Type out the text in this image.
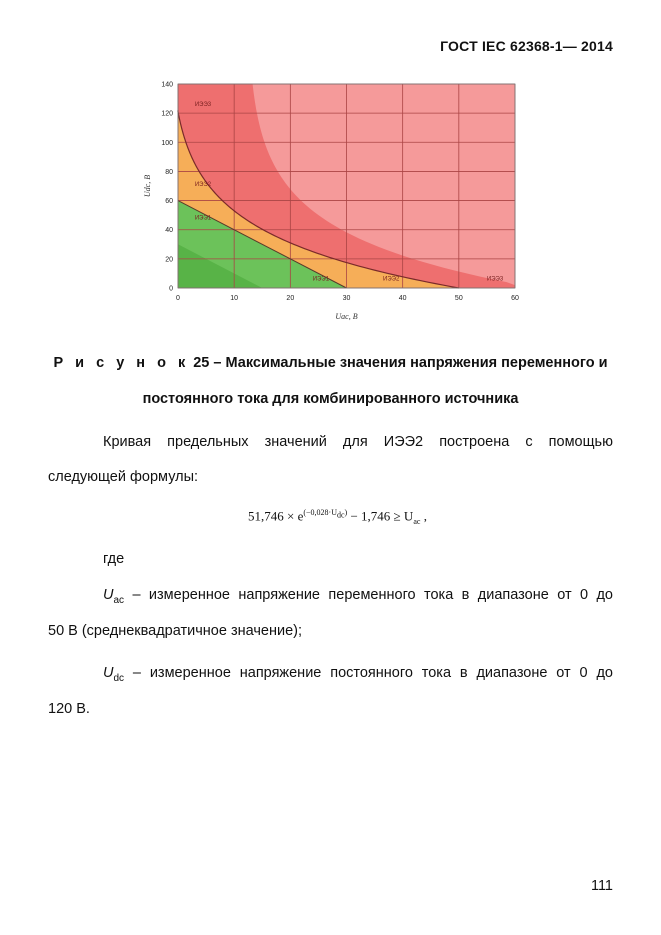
ГОСТ IEC 62368-1— 2014
0	10	20	30	40	50	60
0
20
40
60
80
100
120
140
ИЭЭ3
ИЭЭ2
ИЭЭ1
ИЭЭ1	ИЭЭ2	ИЭЭ3
Uаc, В
Udc, В
Р и с у н о к 25 – Максимальные значения напряжения переменного и
постоянного тока для комбинированного источника
Кривая предельных значений для ИЭЭ2 построена с помощью
следующей формулы:
$51,746 \times e^{(-0,028\cdot U_{dc})} - 1,746 \ge U_{ac}$ ,
где
$U_{ac}$ – измеренное напряжение переменного тока в диапазоне от 0 до
50 В (среднеквадратичное значение);
$U_{dc}$ – измеренное напряжение постоянного тока в диапазоне от 0 до
120 В.
111
